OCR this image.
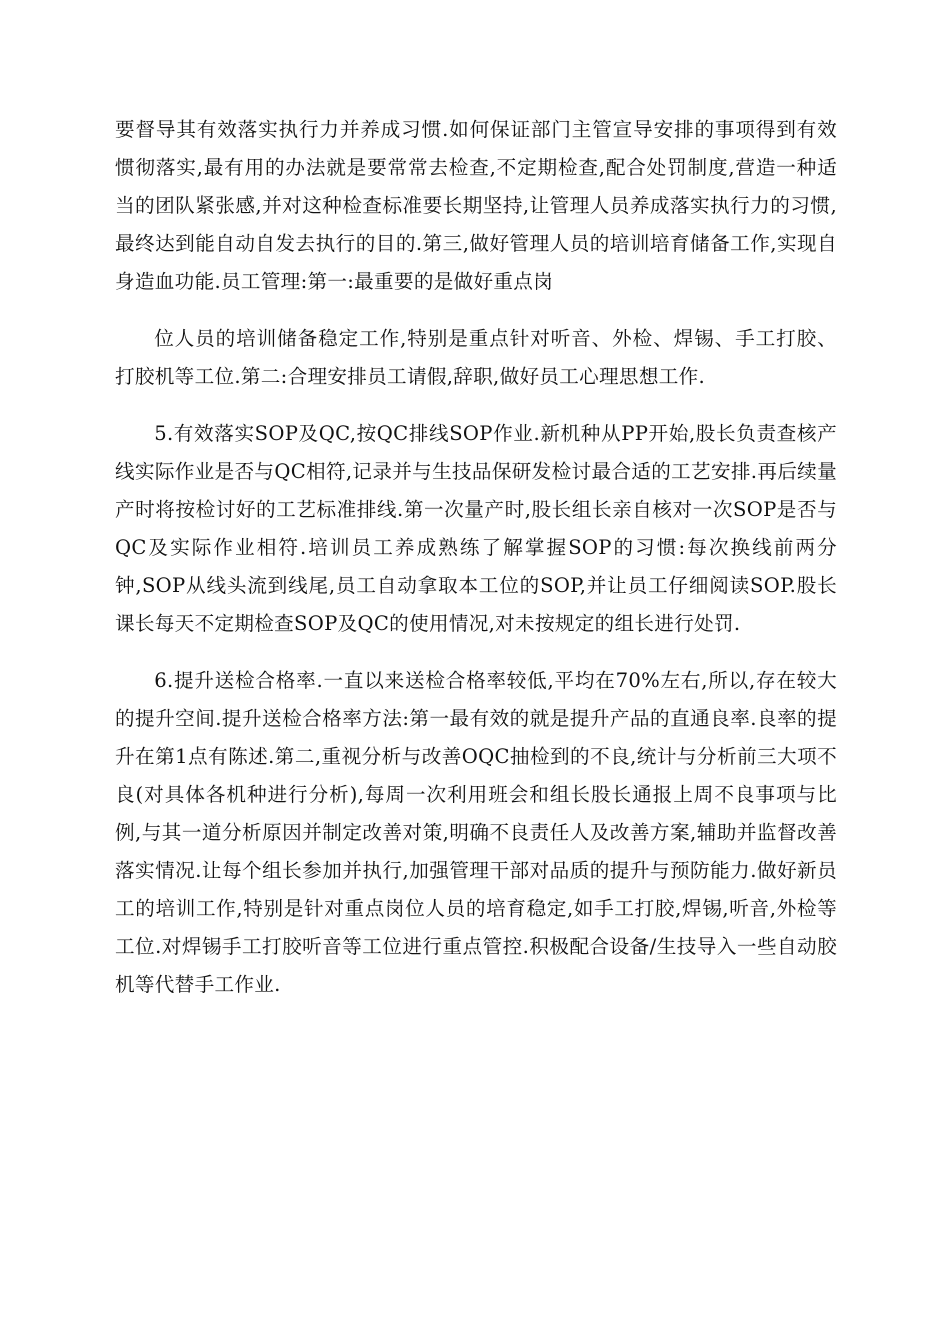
要督导其有效落实执行力并养成习惯.如何保证部门主管宣导安排的事项得到有效惯彻落实,最有用的办法就是要常常去检查,不定期检查,配合处罚制度,营造一种适当的团队紧张感,并对这种检查标准要长期坚持,让管理人员养成落实执行力的习惯,最终达到能自动自发去执行的目的.第三,做好管理人员的培训培育储备工作,实现自身造血功能.员工管理:第一:最重要的是做好重点岗

位人员的培训储备稳定工作,特别是重点针对听音、外检、焊锡、手工打胶、打胶机等工位.第二:合理安排员工请假,辞职,做好员工心理思想工作.

5.有效落实SOP及QC,按QC排线SOP作业.新机种从PP开始,股长负责查核产线实际作业是否与QC相符,记录并与生技品保研发检讨最合适的工艺安排.再后续量产时将按检讨好的工艺标准排线.第一次量产时,股长组长亲自核对一次SOP是否与QC及实际作业相符.培训员工养成熟练了解掌握SOP的习惯:每次换线前两分钟,SOP从线头流到线尾,员工自动拿取本工位的SOP,并让员工仔细阅读SOP.股长课长每天不定期检查SOP及QC的使用情况,对未按规定的组长进行处罚.

6.提升送检合格率.一直以来送检合格率较低,平均在70%左右,所以,存在较大的提升空间.提升送检合格率方法:第一最有效的就是提升产品的直通良率.良率的提升在第1点有陈述.第二,重视分析与改善OQC抽检到的不良,统计与分析前三大项不良(对具体各机种进行分析),每周一次利用班会和组长股长通报上周不良事项与比例,与其一道分析原因并制定改善对策,明确不良责任人及改善方案,辅助并监督改善落实情况.让每个组长参加并执行,加强管理干部对品质的提升与预防能力.做好新员工的培训工作,特别是针对重点岗位人员的培育稳定,如手工打胶,焊锡,听音,外检等工位.对焊锡手工打胶听音等工位进行重点管控.积极配合设备/生技导入一些自动胶机等代替手工作业.
